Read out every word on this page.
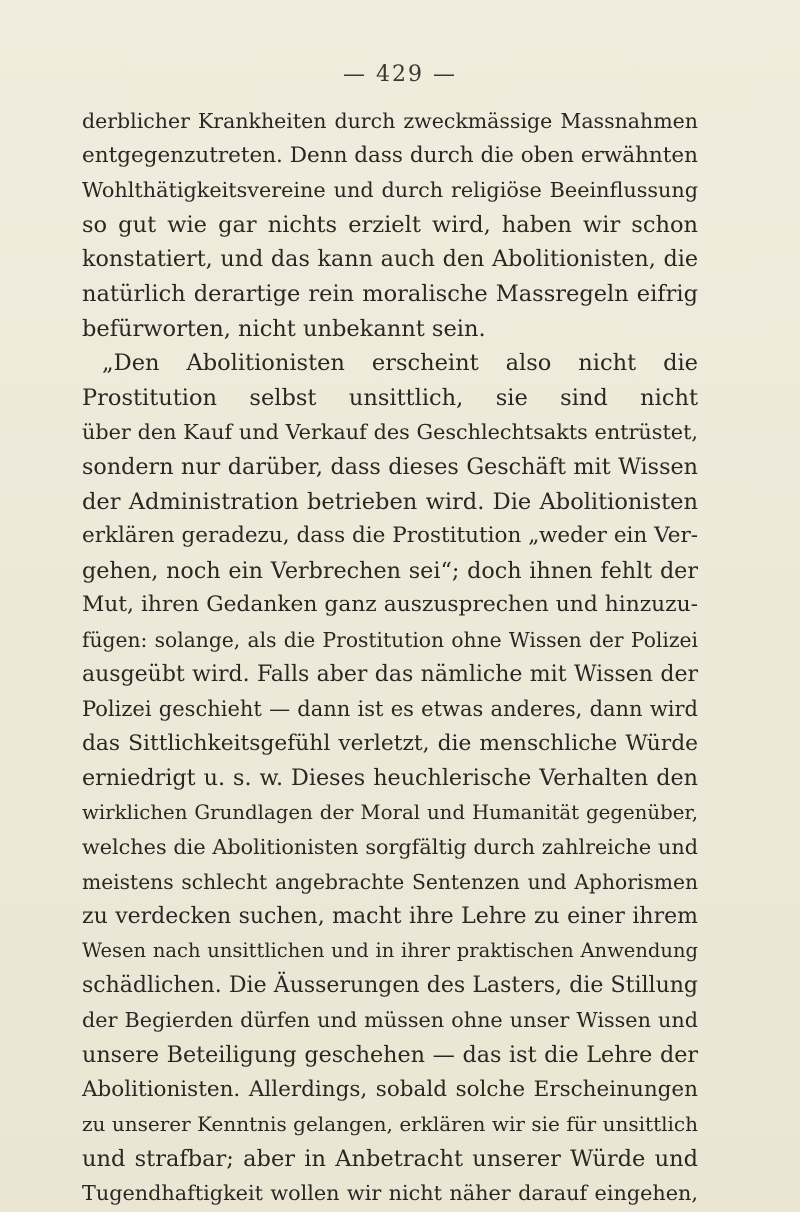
— 429 —
derblicher Krankheiten durch zweckmässige Massnahmen
entgegenzutreten. Denn dass durch die oben erwähnten
Wohlthätigkeitsvereine und durch religiöse Beeinflussung
so gut wie gar nichts erzielt wird, haben wir schon
konstatiert, und das kann auch den Abolitionisten, die
natürlich derartige rein moralische Massregeln eifrig
befürworten, nicht unbekannt sein.
„Den Abolitionisten erscheint also nicht die
Prostitution selbst unsittlich, sie sind nicht
über den Kauf und Verkauf des Geschlechtsakts entrüstet,
sondern nur darüber, dass dieses Geschäft mit Wissen
der Administration betrieben wird. Die Abolitionisten
erklären geradezu, dass die Prostitution „weder ein Ver-
gehen, noch ein Verbrechen sei“; doch ihnen fehlt der
Mut, ihren Gedanken ganz auszusprechen und hinzuzu-
fügen: solange, als die Prostitution ohne Wissen der Polizei
ausgeübt wird. Falls aber das nämliche mit Wissen der
Polizei geschieht — dann ist es etwas anderes, dann wird
das Sittlichkeitsgefühl verletzt, die menschliche Würde
erniedrigt u. s. w. Dieses heuchlerische Verhalten den
wirklichen Grundlagen der Moral und Humanität gegenüber,
welches die Abolitionisten sorgfältig durch zahlreiche und
meistens schlecht angebrachte Sentenzen und Aphorismen
zu verdecken suchen, macht ihre Lehre zu einer ihrem
Wesen nach unsittlichen und in ihrer praktischen Anwendung
schädlichen. Die Äusserungen des Lasters, die Stillung
der Begierden dürfen und müssen ohne unser Wissen und
unsere Beteiligung geschehen — das ist die Lehre der
Abolitionisten. Allerdings, sobald solche Erscheinungen
zu unserer Kenntnis gelangen, erklären wir sie für unsittlich
und strafbar; aber in Anbetracht unserer Würde und
Tugendhaftigkeit wollen wir nicht näher darauf eingehen,
